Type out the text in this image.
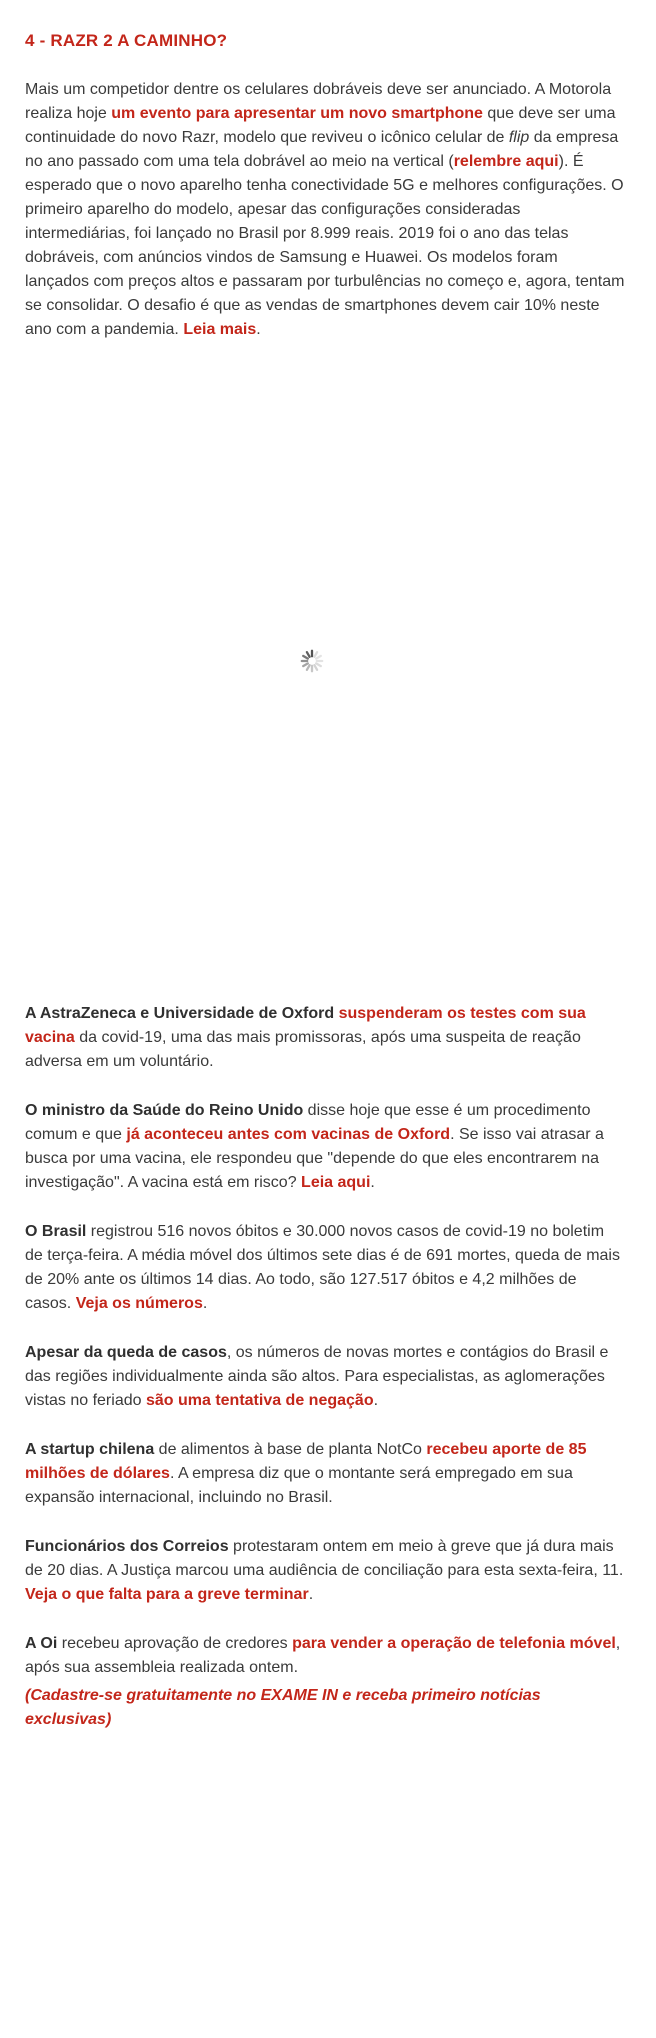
4 - RAZR 2 A CAMINHO?

Mais um competidor dentre os celulares dobráveis deve ser anunciado. A Motorola realiza hoje um evento para apresentar um novo smartphone que deve ser uma continuidade do novo Razr, modelo que reviveu o icônico celular de flip da empresa no ano passado com uma tela dobrável ao meio na vertical (relembre aqui). É esperado que o novo aparelho tenha conectividade 5G e melhores configurações. O primeiro aparelho do modelo, apesar das configurações consideradas intermediárias, foi lançado no Brasil por 8.999 reais. 2019 foi o ano das telas dobráveis, com anúncios vindos de Samsung e Huawei. Os modelos foram lançados com preços altos e passaram por turbulências no começo e, agora, tentam se consolidar. O desafio é que as vendas de smartphones devem cair 10% neste ano com a pandemia. Leia mais.

A AstraZeneca e Universidade de Oxford suspenderam os testes com sua vacina da covid-19, uma das mais promissoras, após uma suspeita de reação adversa em um voluntário.

O ministro da Saúde do Reino Unido disse hoje que esse é um procedimento comum e que já aconteceu antes com vacinas de Oxford. Se isso vai atrasar a busca por uma vacina, ele respondeu que "depende do que eles encontrarem na investigação". A vacina está em risco? Leia aqui.

O Brasil registrou 516 novos óbitos e 30.000 novos casos de covid-19 no boletim de terça-feira. A média móvel dos últimos sete dias é de 691 mortes, queda de mais de 20% ante os últimos 14 dias. Ao todo, são 127.517 óbitos e 4,2 milhões de casos. Veja os números.

Apesar da queda de casos, os números de novas mortes e contágios do Brasil e das regiões individualmente ainda são altos. Para especialistas, as aglomerações vistas no feriado são uma tentativa de negação.

A startup chilena de alimentos à base de planta NotCo recebeu aporte de 85 milhões de dólares. A empresa diz que o montante será empregado em sua expansão internacional, incluindo no Brasil.

Funcionários dos Correios protestaram ontem em meio à greve que já dura mais de 20 dias. A Justiça marcou uma audiência de conciliação para esta sexta-feira, 11. Veja o que falta para a greve terminar.

A Oi recebeu aprovação de credores para vender a operação de telefonia móvel, após sua assembleia realizada ontem.

(Cadastre-se gratuitamente no EXAME IN e receba primeiro notícias exclusivas)
